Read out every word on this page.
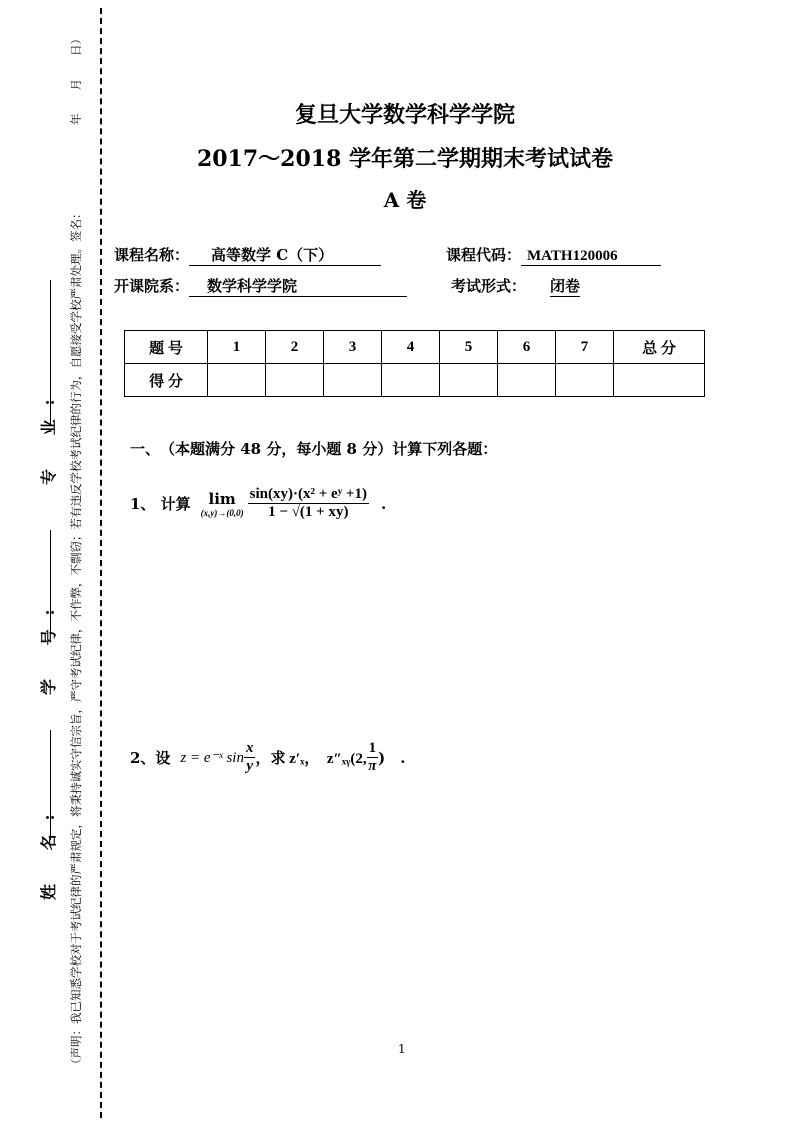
（声明：我已知悉学校对于考试纪律的严肃规定，将秉持诚实守信宗旨，严守考试纪律，不作弊，不剽窃；若有违反学校考试纪律的行为，自愿接受学校严肃处理。签名：
年　　月　　日）
姓 名:
学 号:
专 业:
复旦大学数学科学学院
2017～2018 学年第二学期期末考试试卷
A 卷
课程名称： 高等数学 C（下）	课程代码： MATH120006
开课院系： 数学科学学院	考试形式： 闭卷
题 号	1	2	3	4	5	6	7	总 分
得 分								
一、　（本题满分 48 分，每小题 8 分）计算下列各题：
1、 计算	lim
$(x,y)\to(0,0) \frac{\text{sin(xy)·(x² + eʸ +1)}}{1 - √(1 + xy)}$ .
2、设 z = e⁻ˣ $\sin \frac{x}{y}$ ，求 z′ₓ，　z″ₓᵧ(2, $\frac{1}{\pi}$ )　.
1
